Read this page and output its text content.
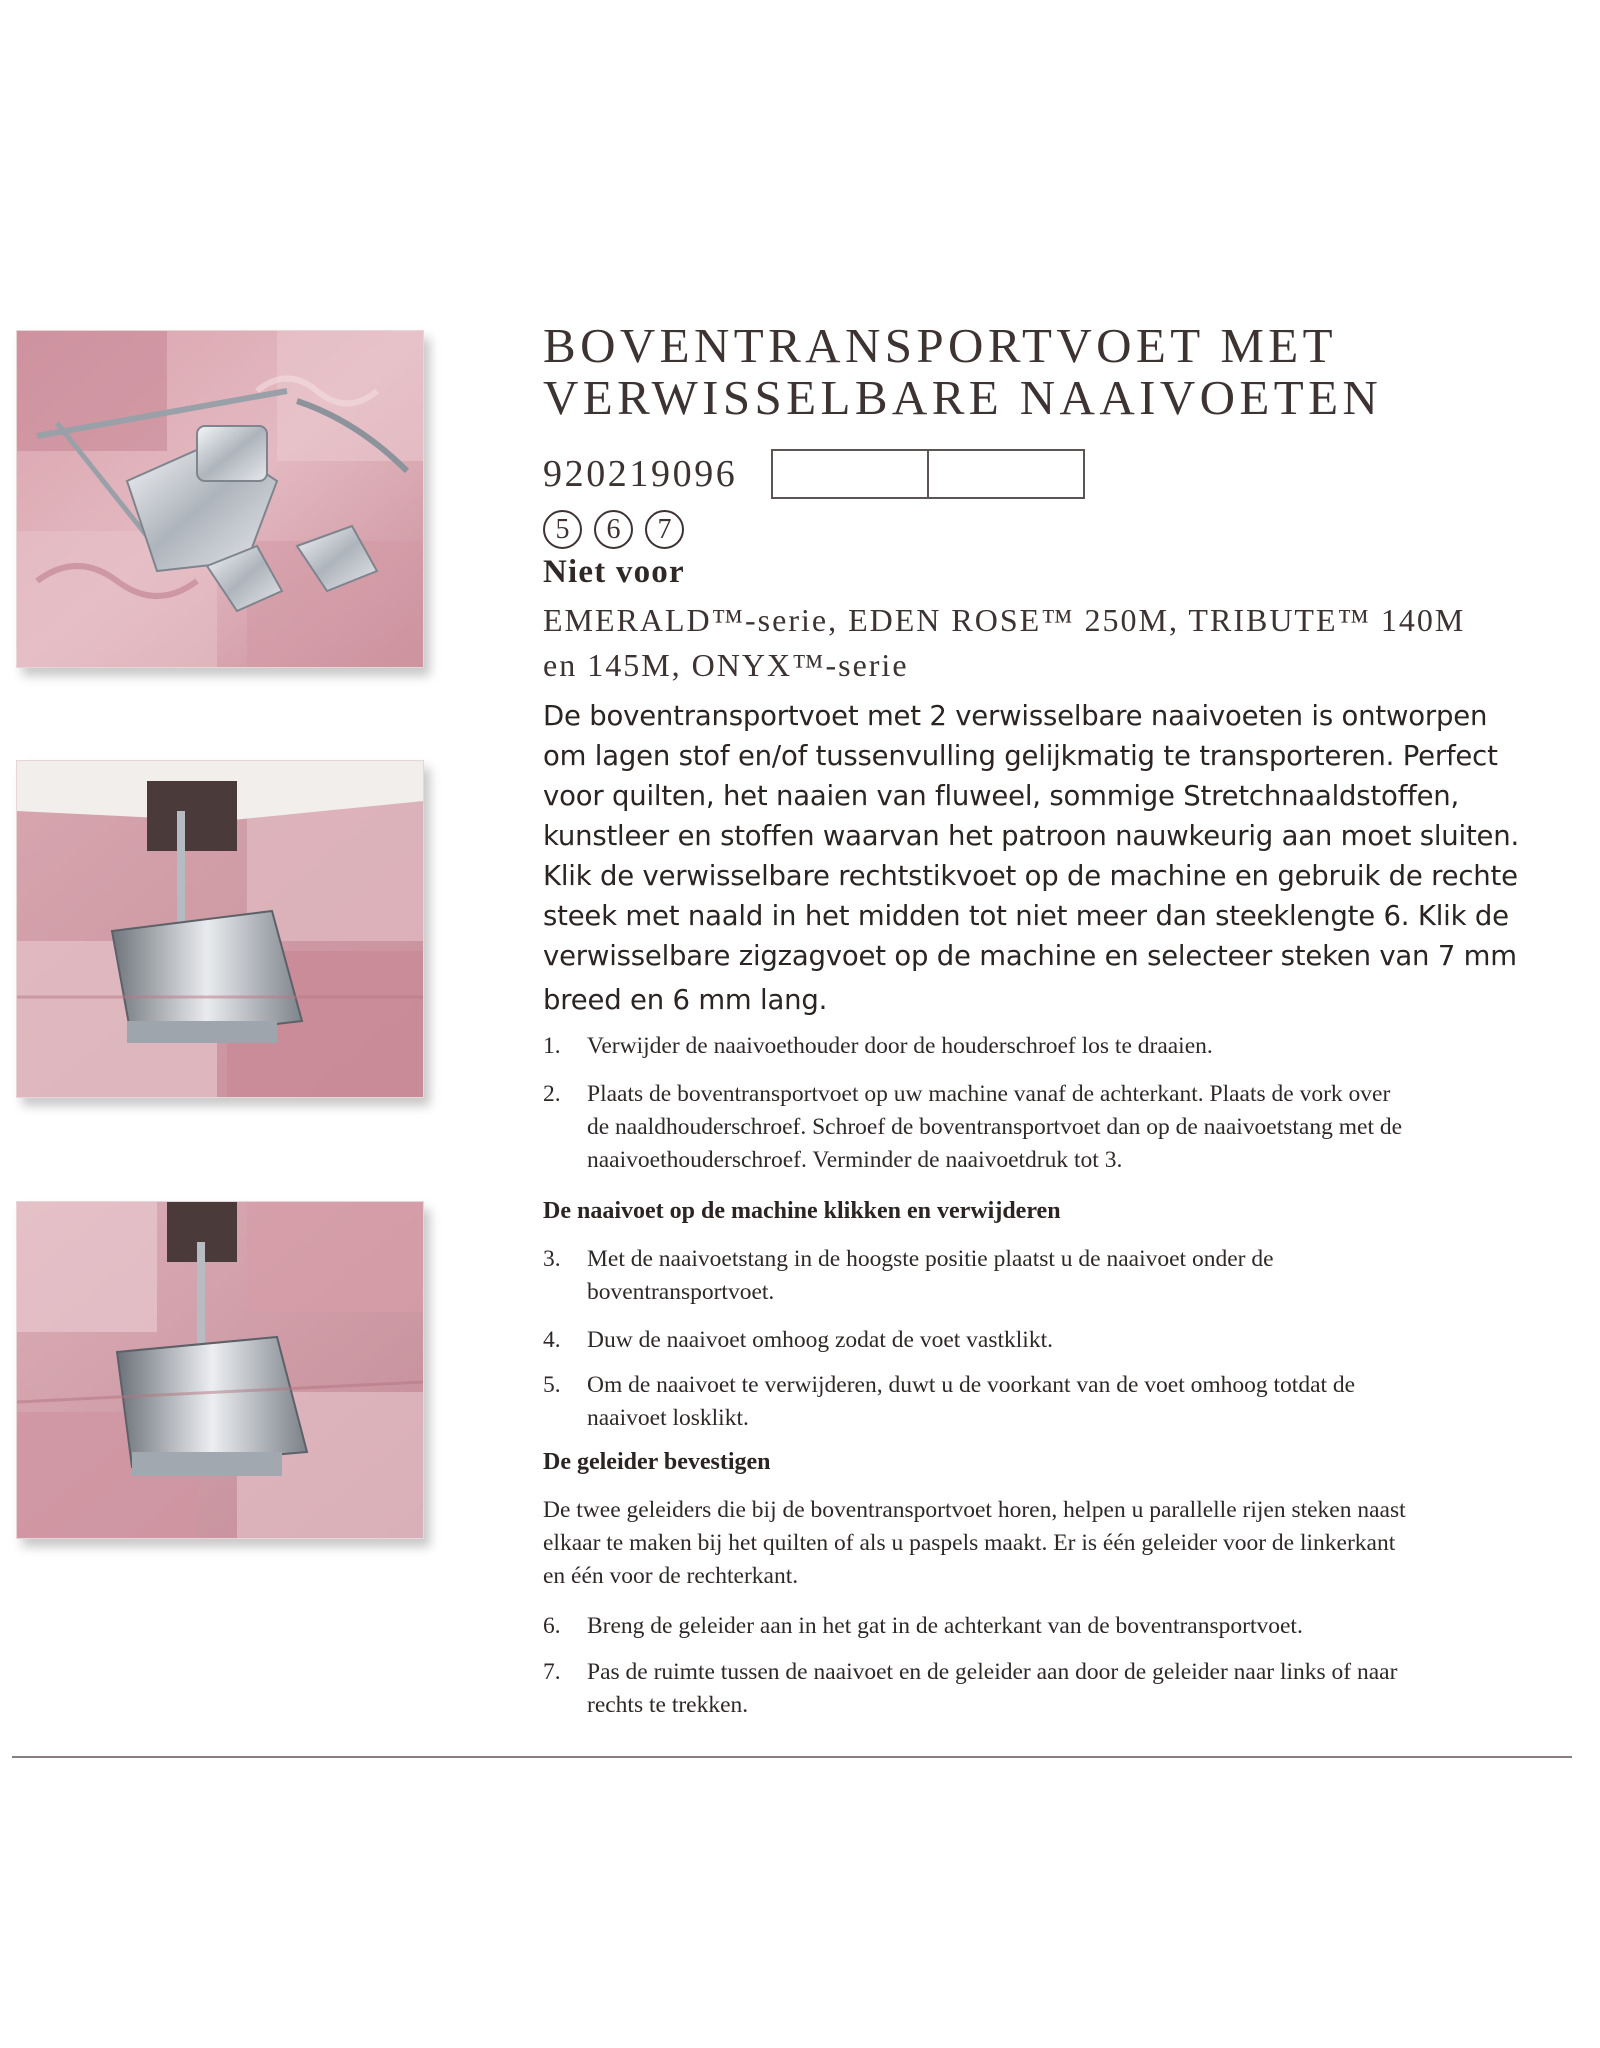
BOVENTRANSPORTVOET MET
VERWISSELBARE NAAIVOETEN
920219096
5	6	7
Niet voor
EMERALD™-serie, EDEN ROSE™ 250M, TRIBUTE™ 140M
en 145M, ONYX™-serie
De boventransportvoet met 2 verwisselbare naaivoeten is ontworpen
om lagen stof en/of tussenvulling gelijkmatig te transporteren. Perfect
voor quilten, het naaien van fluweel, sommige Stretchnaaldstoffen,
kunstleer en stoffen waarvan het patroon nauwkeurig aan moet sluiten.
Klik de verwisselbare rechtstikvoet op de machine en gebruik de rechte
steek met naald in het midden tot niet meer dan steeklengte 6. Klik de
verwisselbare zigzagvoet op de machine en selecteer steken van 7 mm
breed en 6 mm lang.
1.	Verwijder de naaivoethouder door de houderschroef los te draaien.
2.	Plaats de boventransportvoet op uw machine vanaf de achterkant. Plaats de vork over
de naaldhouderschroef. Schroef de boventransportvoet dan op de naaivoetstang met de
naaivoethouderschroef. Verminder de naaivoetdruk tot 3.
De naaivoet op de machine klikken en verwijderen
3.	Met de naaivoetstang in de hoogste positie plaatst u de naaivoet onder de
boventransportvoet.
4.	Duw de naaivoet omhoog zodat de voet vastklikt.
5.	Om de naaivoet te verwijderen, duwt u de voorkant van de voet omhoog totdat de
naaivoet losklikt.
De geleider bevestigen
De twee geleiders die bij de boventransportvoet horen, helpen u parallelle rijen steken naast
elkaar te maken bij het quilten of als u paspels maakt. Er is één geleider voor de linkerkant
en één voor de rechterkant.
6.	Breng de geleider aan in het gat in de achterkant van de boventransportvoet.
7.	Pas de ruimte tussen de naaivoet en de geleider aan door de geleider naar links of naar
rechts te trekken.
